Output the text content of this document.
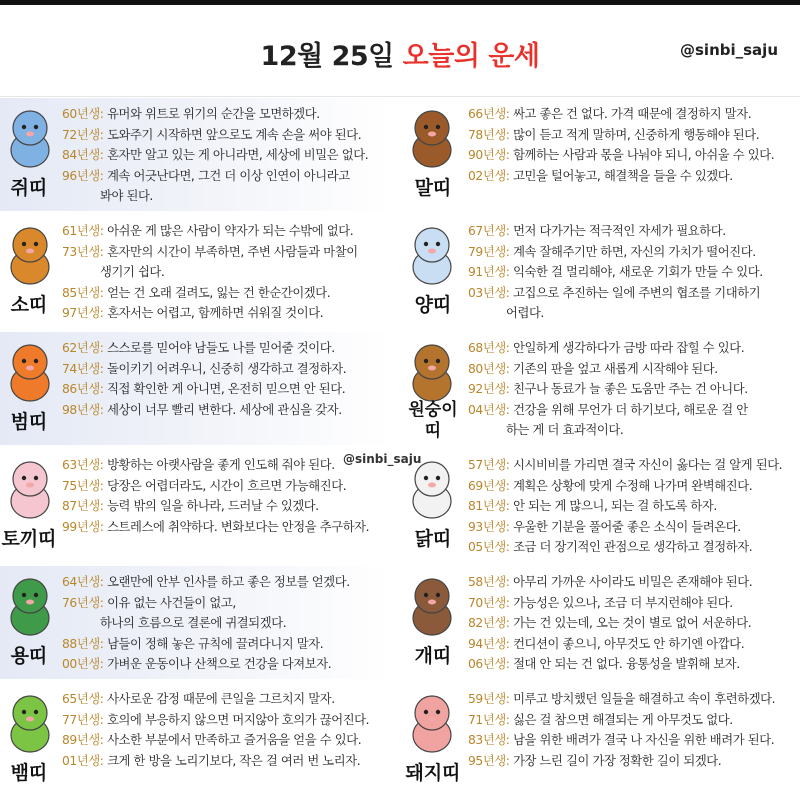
12월 25일 오늘의 운세	@sinbi_saju
쥐띠
60년생: 유머와 위트로 위기의 순간을 모면하겠다.
72년생: 도와주기 시작하면 앞으로도 계속 손을 써야 된다.
84년생: 혼자만 알고 있는 게 아니라면, 세상에 비밀은 없다.
96년생: 계속 어긋난다면, 그건 더 이상 인연이 아니라고
봐야 된다.	말띠
66년생: 싸고 좋은 건 없다. 가격 때문에 결정하지 말자.
78년생: 많이 듣고 적게 말하며, 신중하게 행동해야 된다.
90년생: 함께하는 사람과 몫을 나눠야 되니, 아쉬울 수 있다.
02년생: 고민을 털어놓고, 해결책을 들을 수 있겠다.
소띠
61년생: 아쉬운 게 많은 사람이 약자가 되는 수밖에 없다.
73년생: 혼자만의 시간이 부족하면, 주변 사람들과 마찰이
생기기 쉽다.
85년생: 얻는 건 오래 걸려도, 잃는 건 한순간이겠다.
97년생: 혼자서는 어렵고, 함께하면 쉬워질 것이다.	양띠
67년생: 먼저 다가가는 적극적인 자세가 필요하다.
79년생: 계속 잘해주기만 하면, 자신의 가치가 떨어진다.
91년생: 익숙한 걸 멀리해야, 새로운 기회가 만들 수 있다.
03년생: 고집으로 추진하는 일에 주변의 협조를 기대하기
어렵다.
범띠
62년생: 스스로를 믿어야 남들도 나를 믿어줄 것이다.
74년생: 돌이키기 어려우니, 신중히 생각하고 결정하자.
86년생: 직접 확인한 게 아니면, 온전히 믿으면 안 된다.
98년생: 세상이 너무 빨리 변한다. 세상에 관심을 갖자.	원숭이
띠
68년생: 안일하게 생각하다가 금방 따라 잡힐 수 있다.
80년생: 기존의 판을 엎고 새롭게 시작해야 된다.
92년생: 친구나 동료가 늘 좋은 도움만 주는 건 아니다.
04년생: 건강을 위해 무언가 더 하기보다, 해로운 걸 안
하는 게 더 효과적이다.
토끼띠
63년생: 방황하는 아랫사람을 좋게 인도해 줘야 된다.
75년생: 당장은 어렵더라도, 시간이 흐르면 가능해진다.
87년생: 능력 밖의 일을 하나라, 드러날 수 있겠다.
99년생: 스트레스에 취약하다. 변화보다는 안정을 추구하자.
닭띠
57년생: 시시비비를 가리면 결국 자신이 옳다는 걸 알게 된다.
69년생: 계획은 상황에 맞게 수정해 나가며 완벽해진다.
81년생: 안 되는 게 많으니, 되는 걸 하도록 하자.
93년생: 우울한 기분을 풀어줄 좋은 소식이 들려온다.
05년생: 조금 더 장기적인 관점으로 생각하고 결정하자.
용띠
64년생: 오랜만에 안부 인사를 하고 좋은 정보를 얻겠다.
76년생: 이유 없는 사건들이 없고,
하나의 흐름으로 결론에 귀결되겠다.
88년생: 남들이 정해 놓은 규칙에 끌려다니지 말자.
00년생: 가벼운 운동이나 산책으로 건강을 다져보자.	개띠
58년생: 아무리 가까운 사이라도 비밀은 존재해야 된다.
70년생: 가능성은 있으나, 조금 더 부지런해야 된다.
82년생: 가는 건 있는데, 오는 것이 별로 없어 서운하다.
94년생: 컨디션이 좋으니, 아무것도 안 하기엔 아깝다.
06년생: 절대 안 되는 건 없다. 융통성을 발휘해 보자.
뱀띠
65년생: 사사로운 감정 때문에 큰일을 그르치지 말자.
77년생: 호의에 부응하지 않으면 머지않아 호의가 끊어진다.
89년생: 사소한 부분에서 만족하고 즐거움을 얻을 수 있다.
01년생: 크게 한 방을 노리기보다, 작은 걸 여러 번 노리자.
돼지띠
59년생: 미루고 방치했던 일들을 해결하고 속이 후련하겠다.
71년생: 싫은 걸 참으면 해결되는 게 아무것도 없다.
83년생: 남을 위한 배려가 결국 나 자신을 위한 배려가 된다.
95년생: 가장 느린 길이 가장 정확한 길이 되겠다.
@sinbi_saju
